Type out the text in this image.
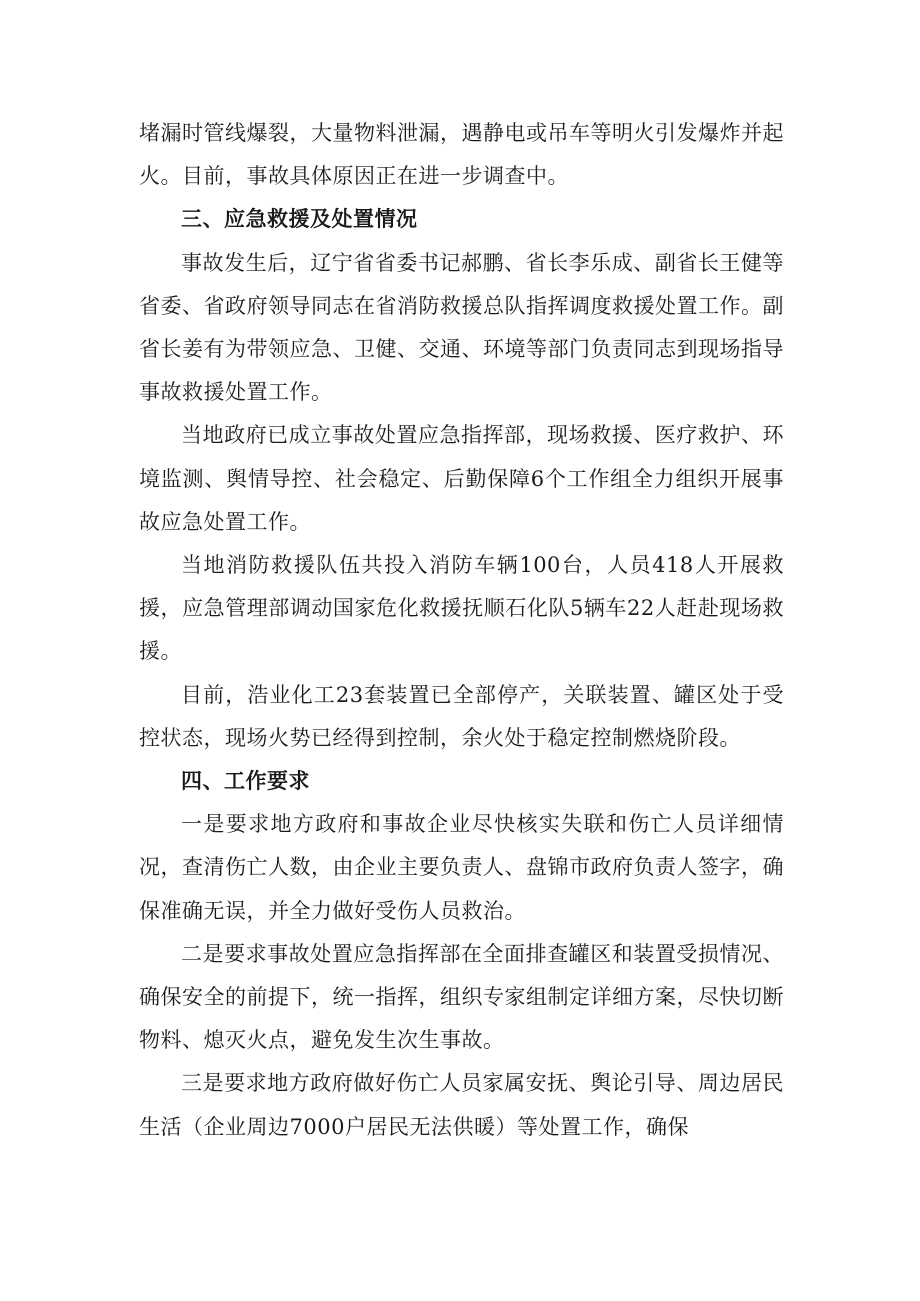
堵漏时管线爆裂，大量物料泄漏，遇静电或吊车等明火引发爆炸并起火。目前，事故具体原因正在进一步调查中。

三、应急救援及处置情况

事故发生后，辽宁省省委书记郝鹏、省长李乐成、副省长王健等省委、省政府领导同志在省消防救援总队指挥调度救援处置工作。副省长姜有为带领应急、卫健、交通、环境等部门负责同志到现场指导事故救援处置工作。

当地政府已成立事故处置应急指挥部，现场救援、医疗救护、环境监测、舆情导控、社会稳定、后勤保障6个工作组全力组织开展事故应急处置工作。

当地消防救援队伍共投入消防车辆100台，人员418人开展救援，应急管理部调动国家危化救援抚顺石化队5辆车22人赶赴现场救援。

目前，浩业化工23套装置已全部停产，关联装置、罐区处于受控状态，现场火势已经得到控制，余火处于稳定控制燃烧阶段。

四、工作要求

一是要求地方政府和事故企业尽快核实失联和伤亡人员详细情况，查清伤亡人数，由企业主要负责人、盘锦市政府负责人签字，确保准确无误，并全力做好受伤人员救治。

二是要求事故处置应急指挥部在全面排查罐区和装置受损情况、确保安全的前提下，统一指挥，组织专家组制定详细方案，尽快切断物料、熄灭火点，避免发生次生事故。

三是要求地方政府做好伤亡人员家属安抚、舆论引导、周边居民生活（企业周边7000户居民无法供暖）等处置工作，确保
